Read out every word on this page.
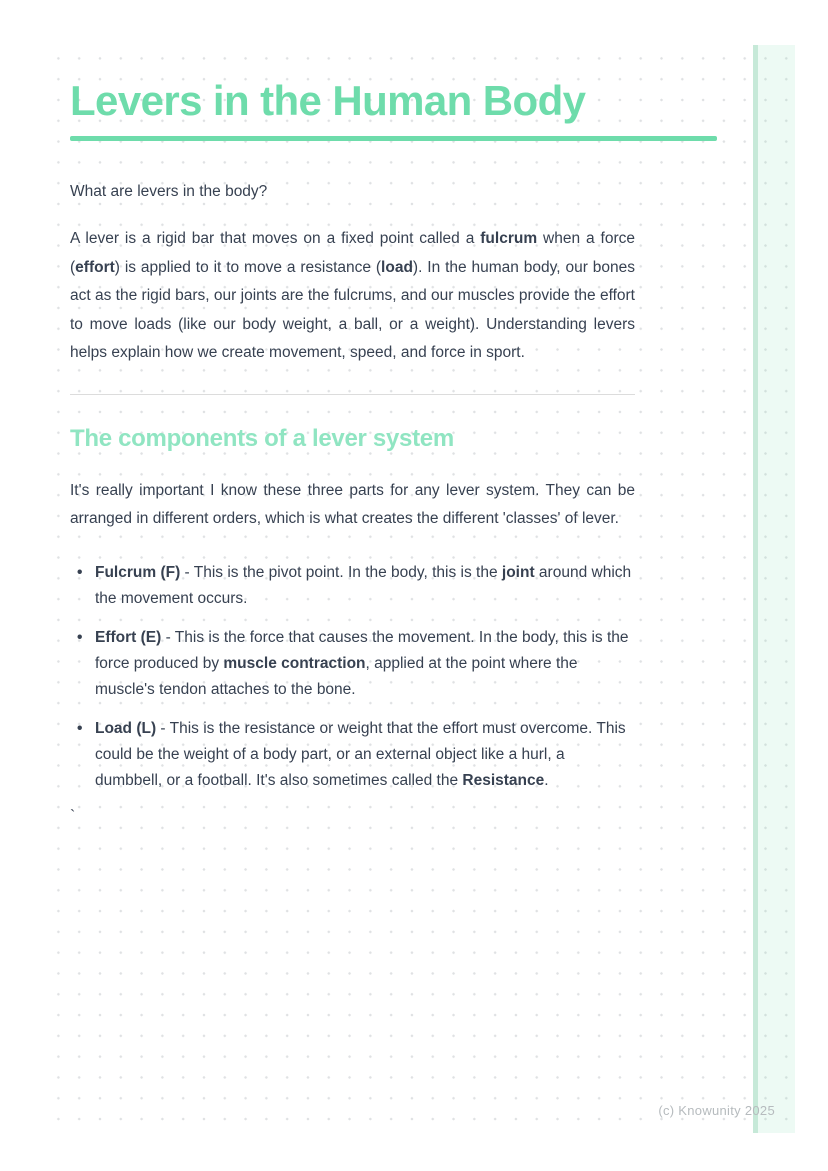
Levers in the Human Body

What are levers in the body?

A lever is a rigid bar that moves on a fixed point called a fulcrum when a force (effort) is applied to it to move a resistance (load). In the human body, our bones act as the rigid bars, our joints are the fulcrums, and our muscles provide the effort to move loads (like our body weight, a ball, or a weight). Understanding levers helps explain how we create movement, speed, and force in sport.

The components of a lever system

It's really important I know these three parts for any lever system. They can be arranged in different orders, which is what creates the different 'classes' of lever.

• Fulcrum (F) - This is the pivot point. In the body, this is the joint around which the movement occurs.
• Effort (E) - This is the force that causes the movement. In the body, this is the force produced by muscle contraction, applied at the point where the muscle's tendon attaches to the bone.
• Load (L) - This is the resistance or weight that the effort must overcome. This could be the weight of a body part, or an external object like a hurl, a dumbbell, or a football. It's also sometimes called the Resistance.
`
(c) Knowunity 2025
